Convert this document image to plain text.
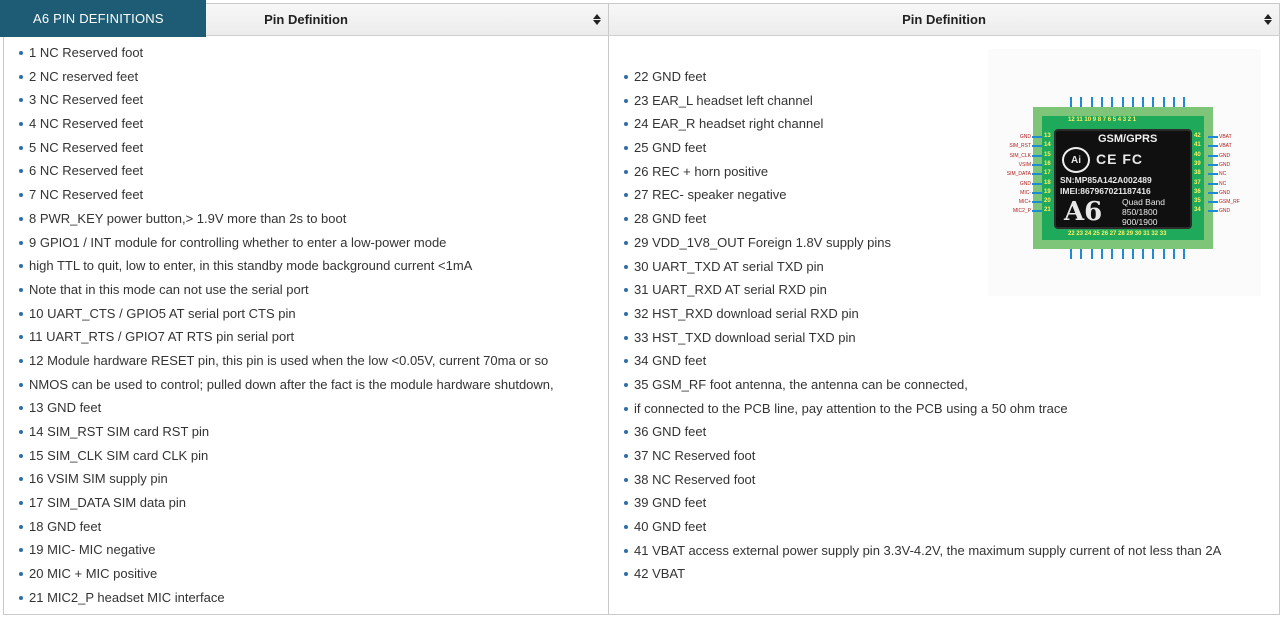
A6 PIN DEFINITIONS	Pin Definition	Pin Definition
1 NC Reserved foot
2 NC reserved feet
3 NC Reserved feet
4 NC Reserved feet
5 NC Reserved feet
6 NC Reserved feet
7 NC Reserved feet
8 PWR_KEY power button,> 1.9V more than 2s to boot
9 GPIO1 / INT module for controlling whether to enter a low-power mode
high TTL to quit, low to enter, in this standby mode background current <1mA
Note that in this mode can not use the serial port
10 UART_CTS / GPIO5 AT serial port CTS pin
11 UART_RTS / GPIO7 AT RTS pin serial port
12 Module hardware RESET pin, this pin is used when the low <0.05V, current 70ma or so
NMOS can be used to control; pulled down after the fact is the module hardware shutdown,
13 GND feet
14 SIM_RST SIM card RST pin
15 SIM_CLK SIM card CLK pin
16 VSIM SIM supply pin
17 SIM_DATA SIM data pin
18 GND feet
19 MIC- MIC negative
20 MIC + MIC positive
21 MIC2_P headset MIC interface
22 GND feet
23 EAR_L headset left channel
24 EAR_R headset right channel
25 GND feet
26 REC + horn positive
27 REC- speaker negative
28 GND feet
29 VDD_1V8_OUT Foreign 1.8V supply pins
30 UART_TXD AT serial TXD pin
31 UART_RXD AT serial RXD pin
32 HST_RXD download serial RXD pin
33 HST_TXD download serial TXD pin
34 GND feet
35 GSM_RF foot antenna, the antenna can be connected,
if connected to the PCB line, pay attention to the PCB using a 50 ohm trace
36 GND feet
37 NC Reserved foot
38 NC Reserved foot
39 GND feet
40 GND feet
41 VBAT access external power supply pin 3.3V-4.2V, the maximum supply current of not less than 2A
42 VBAT
12 11 10 9 8 7 6 5 4 3 2 1
22 23 24 25 26 27 28 29 30 31 32 33
13
GND
14
SIM_RST
15
SIM_CLK
16
VSIM
17
SIM_DATA
18
GND
19
MIC-
20
MIC+
21
MIC2_P
42	VBAT
41	VBAT
40	GND
39	GND
38	NC
37	NC
36	GND
35	GSM_RF
34	GND
GSM/GPRS
Ai	CE FC
SN:MP85A142A002489
IMEI:867967021187416
A6 Quad Band
850/1800
900/1900
